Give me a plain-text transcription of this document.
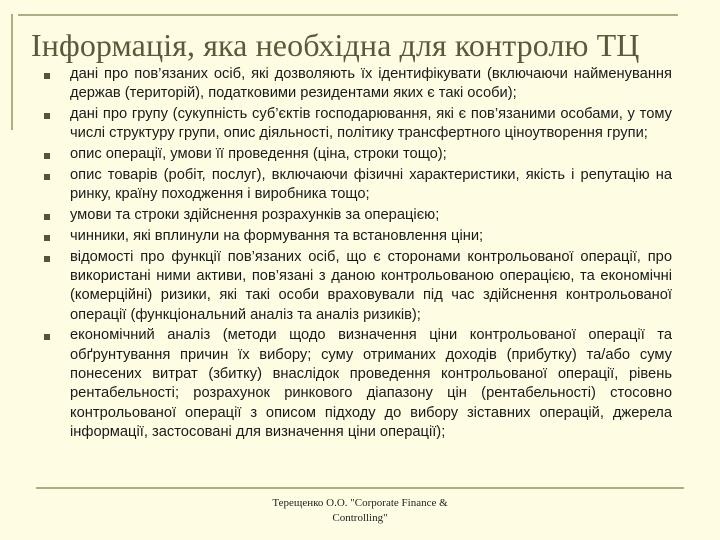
Інформація, яка необхідна для контролю ТЦ
дані про пов’язаних осіб, які дозволяють їх ідентифікувати (включаючи найменування держав (територій), податковими резидентами яких є такі особи);
дані про групу (сукупність суб’єктів господарювання, які є пов’язаними особами, у тому числі структуру групи, опис діяльності, політику трансфертного ціноутворення групи;
опис операції, умови її проведення (ціна, строки тощо);
опис товарів (робіт, послуг), включаючи фізичні характеристики, якість і репутацію на ринку, країну походження і виробника тощо;
умови та строки здійснення розрахунків за операцією;
чинники, які вплинули на формування та встановлення ціни;
відомості про функції пов’язаних осіб, що є сторонами контрольованої операції, про використані ними активи, пов’язані з даною контрольованою операцією, та економічні (комерційні) ризики, які такі особи враховували під час здійснення контрольованої операції (функціональний аналіз та аналіз ризиків);
економічний аналіз (методи щодо визначення ціни контрольованої операції та обґрунтування причин їх вибору; суму отриманих доходів (прибутку) та/або суму понесених витрат (збитку) внаслідок проведення контрольованої операції, рівень рентабельності; розрахунок ринкового діапазону цін (рентабельності) стосовно контрольованої операції з описом підходу до вибору зіставних операцій, джерела інформації, застосовані для визначення ціни операції);
Терещенко О.О. "Corporate Finance &
Controlling"
